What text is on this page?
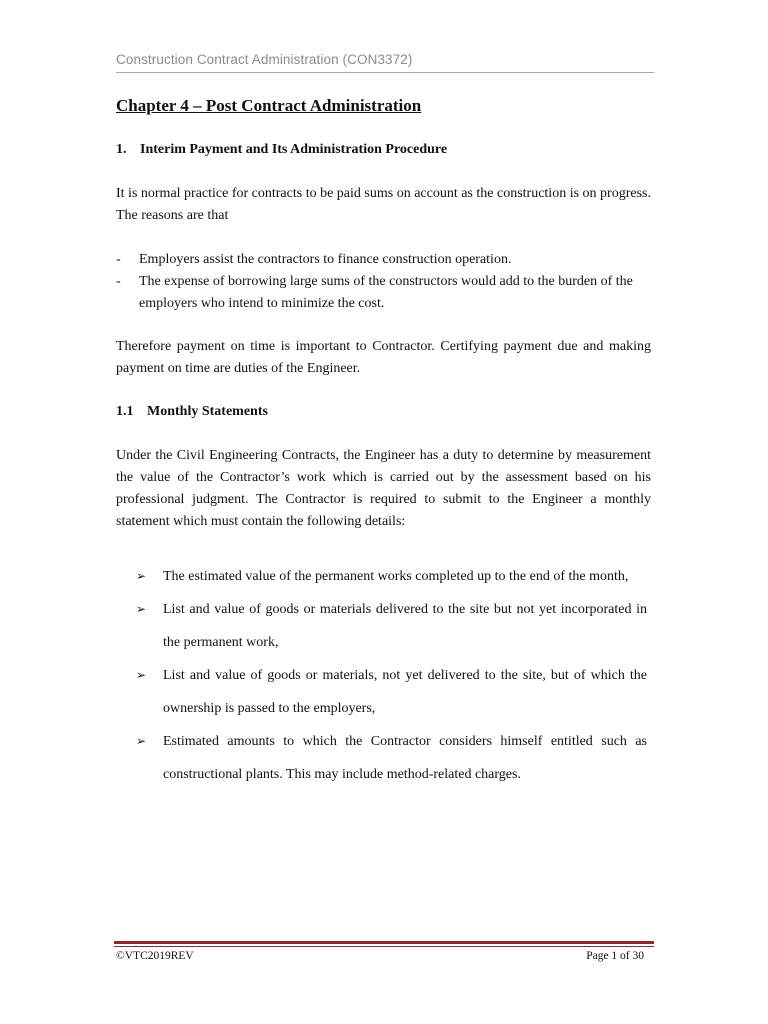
Construction Contract Administration (CON3372)
Chapter 4 – Post Contract Administration
1. Interim Payment and Its Administration Procedure
It is normal practice for contracts to be paid sums on account as the construction is on progress. The reasons are that
- Employers assist the contractors to finance construction operation.
- The expense of borrowing large sums of the constructors would add to the burden of the employers who intend to minimize the cost.
Therefore payment on time is important to Contractor. Certifying payment due and making payment on time are duties of the Engineer.
1.1 Monthly Statements
Under the Civil Engineering Contracts, the Engineer has a duty to determine by measurement the value of the Contractor’s work which is carried out by the assessment based on his professional judgment. The Contractor is required to submit to the Engineer a monthly statement which must contain the following details:
➢ The estimated value of the permanent works completed up to the end of the month,
➢ List and value of goods or materials delivered to the site but not yet incorporated in the permanent work,
➢ List and value of goods or materials, not yet delivered to the site, but of which the ownership is passed to the employers,
➢ Estimated amounts to which the Contractor considers himself entitled such as constructional plants. This may include method-related charges.
©VTC2019REV	Page 1 of 30
